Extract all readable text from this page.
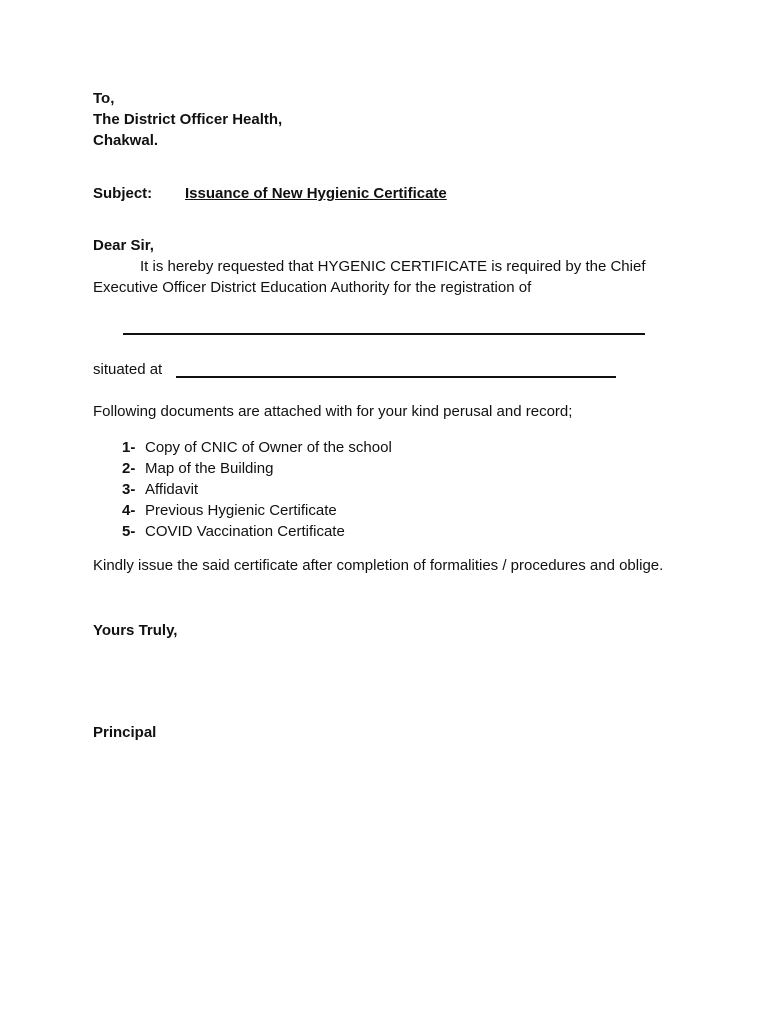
To,
The District Officer Health,
Chakwal.
Subject: Issuance of New Hygienic Certificate
Dear Sir,
It is hereby requested that HYGENIC CERTIFICATE is required by the Chief Executive Officer District Education Authority for the registration of
situated at
Following documents are attached with for your kind perusal and record;
1- Copy of CNIC of Owner of the school
2- Map of the Building
3- Affidavit
4- Previous Hygienic Certificate
5- COVID Vaccination Certificate
Kindly issue the said certificate after completion of formalities / procedures and oblige.
Yours Truly,
Principal
